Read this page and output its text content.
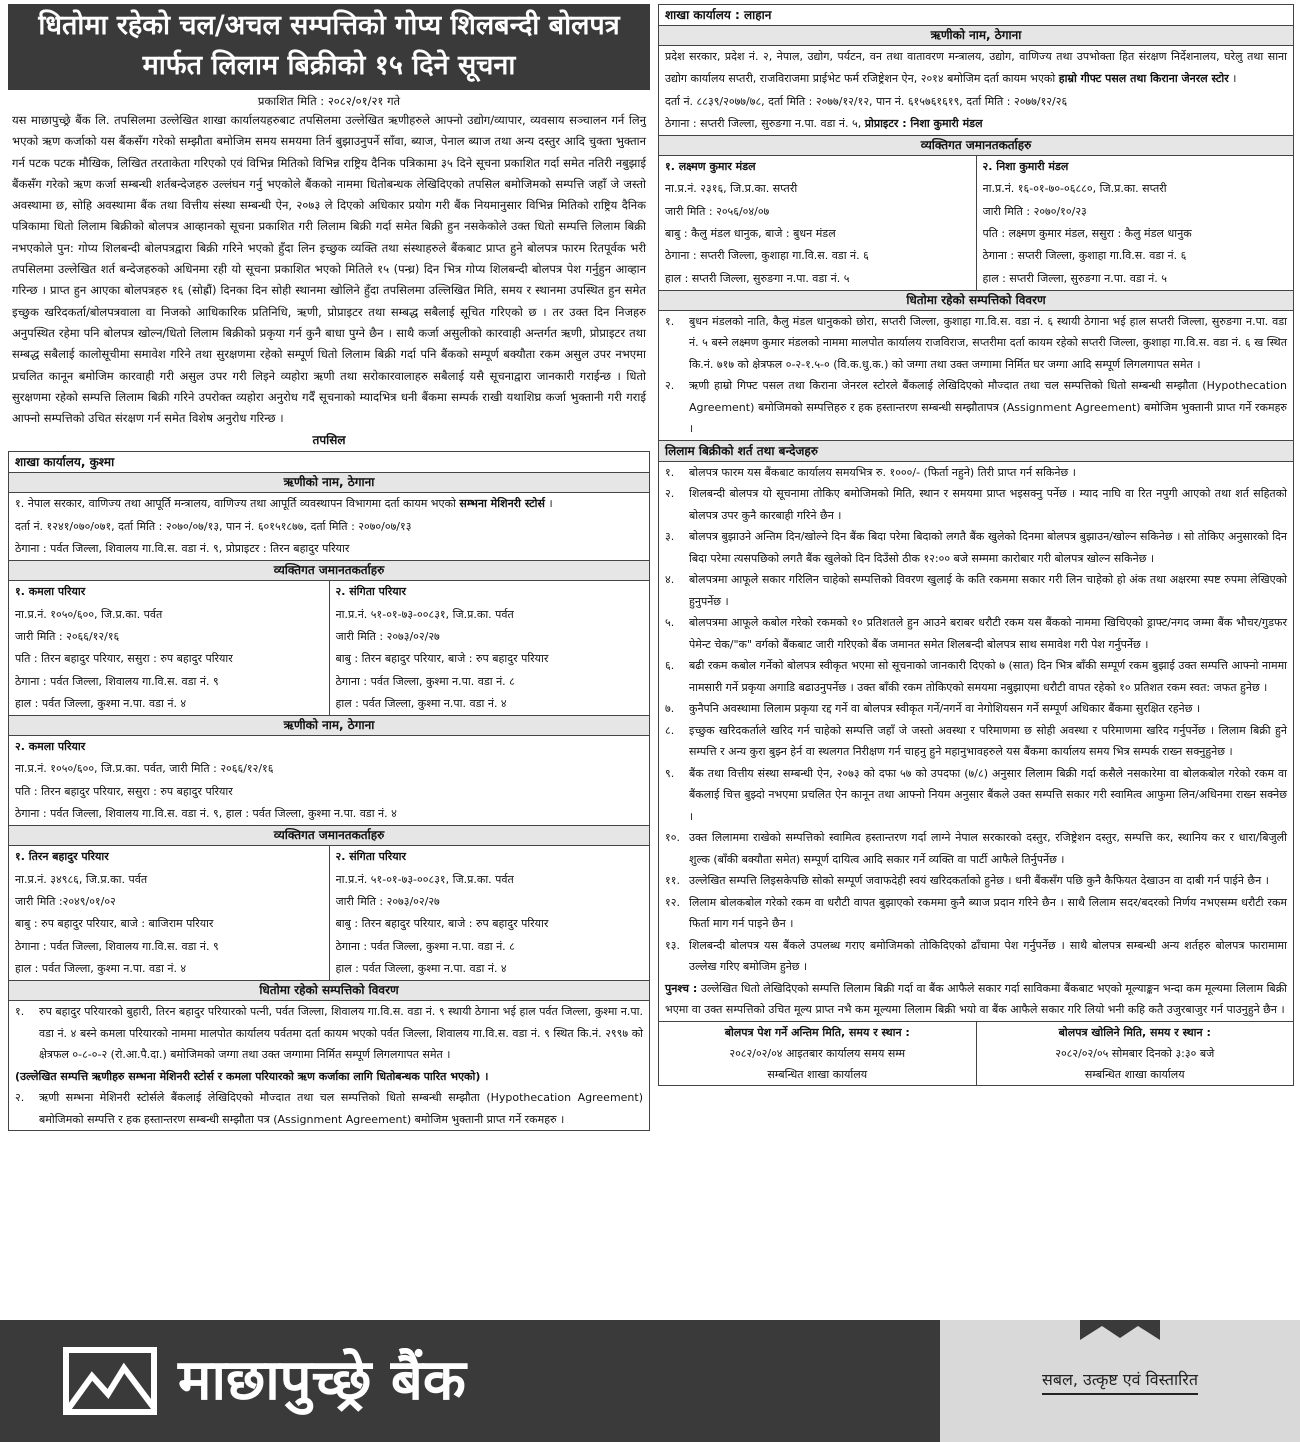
धितोमा रहेको चल/अचल सम्पत्तिको गोप्य शिलबन्दी बोलपत्र मार्फत लिलाम बिक्रीको १५ दिने सूचना
प्रकाशित मिति : २०८२/०१/२१ गते
यस माछापुच्छ्रे बैंक लि. तपसिलमा उल्लेखित शाखा कार्यालयहरुबाट तपसिलमा उल्लेखित ऋणीहरुले आफ्नो उद्योग/व्यापार, व्यवसाय सञ्चालन गर्न लिनु भएको ऋण कर्जाको यस बैंकसँग गरेको सम्झौता बमोजिम समय समयमा तिर्न बुझाउनुपर्ने साँवा, ब्याज, पेनाल ब्याज तथा अन्य दस्तुर आदि चुक्ता भुक्तान गर्न पटक पटक मौखिक, लिखित तरताकेता गरिएको एवं विभिन्न मितिको विभिन्न राष्ट्रिय दैनिक पत्रिकामा ३५ दिने सूचना प्रकाशित गर्दा समेत नतिरी नबुझाई बैंकसँग गरेको ऋण कर्जा सम्बन्धी शर्तबन्देजहरु उल्लंघन गर्नु भएकोले बैंकको नाममा धितोबन्धक लेखिदिएको तपसिल बमोजिमको सम्पत्ति जहाँ जे जस्तो अवस्थामा छ, सोहि अवस्थामा बैंक तथा वित्तीय संस्था सम्बन्धी ऐन, २०७३ ले दिएको अधिकार प्रयोग गरी बैंक नियमानुसार विभिन्न मितिको राष्ट्रिय दैनिक पत्रिकामा धितो लिलाम बिक्रीको बोलपत्र आव्हानको सूचना प्रकाशित गरी लिलाम बिक्री गर्दा समेत बिक्री हुन नसकेकोले उक्त धितो सम्पत्ति लिलाम बिक्री नभएकोले पुन: गोप्य शिलबन्दी बोलपत्रद्वारा बिक्री गरिने भएको हुँदा लिन इच्छुक व्यक्ति तथा संस्थाहरुले बैंकबाट प्राप्त हुने बोलपत्र फारम रितपूर्वक भरी तपसिलमा उल्लेखित शर्त बन्देजहरुको अधिनमा रही यो सूचना प्रकाशित भएको मितिले १५ (पन्ध्र) दिन भित्र गोप्य शिलबन्दी बोलपत्र पेश गर्नुहुन आव्हान गरिन्छ । प्राप्त हुन आएका बोलपत्रहरु १६ (सोह्रौं) दिनका दिन सोही स्थानमा खोलिने हुँदा तपसिलमा उल्लिखित मिति, समय र स्थानमा उपस्थित हुन समेत इच्छुक खरिदकर्ता/बोलपत्रवाला वा निजको आधिकारिक प्रतिनिधि, ऋणी, प्रोप्राइटर तथा सम्बद्ध सबैलाई सूचित गरिएको छ । तर उक्त दिन निजहरु अनुपस्थित रहेमा पनि बोलपत्र खोल्न/धितो लिलाम बिक्रीको प्रकृया गर्न कुनै बाधा पुग्ने छैन । साथै कर्जा असुलीको कारवाही अन्तर्गत ऋणी, प्रोप्राइटर तथा सम्बद्ध सबैलाई कालोसूचीमा समावेश गरिने तथा सुरक्षणमा रहेको सम्पूर्ण धितो लिलाम बिक्री गर्दा पनि बैंकको सम्पूर्ण बक्यौता रकम असुल उपर नभएमा प्रचलित कानून बमोजिम कारवाही गरी असुल उपर गरी लिइने व्यहोरा ऋणी तथा सरोकारवालाहरु सबैलाई यसै सूचनाद्वारा जानकारी गराईन्छ । धितो सुरक्षणमा रहेको सम्पत्ति लिलाम बिक्री गरिने उपरोक्त व्यहोरा अनुरोध गर्दैं सूचनाको म्यादभित्र धनी बैंकमा सम्पर्क राखी यथाशिघ्र कर्जा भुक्तानी गरी गराई आफ्नो सम्पत्तिको उचित संरक्षण गर्न समेत विशेष अनुरोध गरिन्छ ।
तपसिल
शाखा कार्यालय, कुश्मा
ऋणीको नाम, ठेगाना
१. नेपाल सरकार, वाणिज्य तथा आपूर्ति मन्त्रालय, वाणिज्य तथा आपूर्ति व्यवस्थापन विभागमा दर्ता कायम भएको सम्भना मेशिनरी स्टोर्स ।
दर्ता नं. १२४१/०७०/०७१, दर्ता मिति : २०७०/०७/१३, पान नं. ६०१५१८७७, दर्ता मिति : २०७०/०७/१३
ठेगाना : पर्वत जिल्ला, शिवालय गा.वि.स. वडा नं. ९, प्रोप्राइटर : तिरन बहादुर परियार
व्यक्तिगत जमानतकर्ताहरु
१. कमला परियार
ना.प्र.नं. १०५०/६००, जि.प्र.का. पर्वत
जारी मिति : २०६६/१२/१६
पति : तिरन बहादुर परियार, ससुरा : रुप बहादुर परियार
ठेगाना : पर्वत जिल्ला, शिवालय गा.वि.स. वडा नं. ९
हाल : पर्वत जिल्ला, कुश्मा न.पा. वडा नं. ४
२. संगिता परियार
ना.प्र.नं. ५१-०१-७३-००८३१, जि.प्र.का. पर्वत
जारी मिति : २०७३/०२/२७
बाबु : तिरन बहादुर परियार, बाजे : रुप बहादुर परियार
ठेगाना : पर्वत जिल्ला, कुश्मा न.पा. वडा नं. ८
हाल : पर्वत जिल्ला, कुश्मा न.पा. वडा नं. ४
ऋणीको नाम, ठेगाना
२. कमला परियार
ना.प्र.नं. १०५०/६००, जि.प्र.का. पर्वत, जारी मिति : २०६६/१२/१६
पति : तिरन बहादुर परियार, ससुरा : रुप बहादुर परियार
ठेगाना : पर्वत जिल्ला, शिवालय गा.वि.स. वडा नं. ९, हाल : पर्वत जिल्ला, कुश्मा न.पा. वडा नं. ४
व्यक्तिगत जमानतकर्ताहरु
१. तिरन बहादुर परियार
ना.प्र.नं. ३४९८६, जि.प्र.का. पर्वत
जारी मिति :२०४९/०१/०२
बाबु : रुप बहादुर परियार, बाजे : बाजिराम परियार
ठेगाना : पर्वत जिल्ला, शिवालय गा.वि.स. वडा नं. ९
हाल : पर्वत जिल्ला, कुश्मा न.पा. वडा नं. ४
२. संगिता परियार
ना.प्र.नं. ५१-०१-७३-००८३१, जि.प्र.का. पर्वत
जारी मिति : २०७३/०२/२७
बाबु : तिरन बहादुर परियार, बाजे : रुप बहादुर परियार
ठेगाना : पर्वत जिल्ला, कुश्मा न.पा. वडा नं. ८
हाल : पर्वत जिल्ला, कुश्मा न.पा. वडा नं. ४
धितोमा रहेको सम्पत्तिको विवरण
१.	रुप बहादुर परियारको बुहारी, तिरन बहादुर परियारको पत्नी, पर्वत जिल्ला, शिवालय गा.वि.स. वडा नं. ९ स्थायी ठेगाना भई हाल पर्वत जिल्ला, कुश्मा न.पा. वडा नं. ४ बस्ने कमला परियारको नाममा मालपोत कार्यालय पर्वतमा दर्ता कायम भएको पर्वत जिल्ला, शिवालय गा.वि.स. वडा नं. ९ स्थित कि.नं. २९९७ को क्षेत्रफल ०-८-०-२ (रो.आ.पै.दा.) बमोजिमको जग्गा तथा उक्त जग्गामा निर्मित सम्पूर्ण लिगलगापत समेत ।
(उल्लेखित सम्पत्ति ऋणीहरु सम्भना मेशिनरी स्टोर्स र कमला परियारको ऋण कर्जाका लागि धितोबन्धक पारित भएको) ।
२.	ऋणी सम्भना मेशिनरी स्टोर्सले बैंकलाई लेखिदिएको मौज्दात तथा चल सम्पत्तिको धितो सम्बन्धी सम्झौता (Hypothecation Agreement) बमोजिमको सम्पत्ति र हक हस्तान्तरण सम्बन्धी सम्झौता पत्र (Assignment Agreement) बमोजिम भुक्तानी प्राप्त गर्ने रकमहरु ।
शाखा कार्यालय : लाहान
ऋणीको नाम, ठेगाना
प्रदेश सरकार, प्रदेश नं. २, नेपाल, उद्योग, पर्यटन, वन तथा वातावरण मन्त्रालय, उद्योग, वाणिज्य तथा उपभोक्ता हित संरक्षण निर्देशनालय, घरेलु तथा साना उद्योग कार्यालय सप्तरी, राजविराजमा प्राईभेट फर्म रजिष्ट्रेशन ऐन, २०१४ बमोजिम दर्ता कायम भएको हाम्रो गीफ्ट पसल तथा किराना जेनरल स्टोर ।
दर्ता नं. ८८३९/२०७७/७८, दर्ता मिति : २०७७/१२/१२, पान नं. ६१५७६१६१९, दर्ता मिति : २०७७/१२/२६
ठेगाना : सप्तरी जिल्ला, सुरुङगा न.पा. वडा नं. ५, प्रोप्राइटर : निशा कुमारी मंडल
व्यक्तिगत जमानतकर्ताहरु
१. लक्ष्मण कुमार मंडल
ना.प्र.नं. २३१६, जि.प्र.का. सप्तरी
जारी मिति : २०५६/०४/०७
बाबु : कैलु मंडल धानुक, बाजे : बुधन मंडल
ठेगाना : सप्तरी जिल्ला, कुशाहा गा.वि.स. वडा नं. ६
हाल : सप्तरी जिल्ला, सुरुङगा न.पा. वडा नं. ५
२. निशा कुमारी मंडल
ना.प्र.नं. १६-०१-७०-०६८८०, जि.प्र.का. सप्तरी
जारी मिति : २०७०/१०/२३
पति : लक्ष्मण कुमार मंडल, ससुरा : कैलु मंडल धानुक
ठेगाना : सप्तरी जिल्ला, कुशाहा गा.वि.स. वडा नं. ६
हाल : सप्तरी जिल्ला, सुरुङगा न.पा. वडा नं. ५
धितोमा रहेको सम्पत्तिको विवरण
१.	बुधन मंडलको नाति, कैलु मंडल धानुकको छोरा, सप्तरी जिल्ला, कुशाहा गा.वि.स. वडा नं. ६ स्थायी ठेगाना भई हाल सप्तरी जिल्ला, सुरुङगा न.पा. वडा नं. ५ बस्ने लक्ष्मण कुमार मंडलको नाममा मालपोत कार्यालय राजविराज, सप्तरीमा दर्ता कायम रहेको सप्तरी जिल्ला, कुशाहा गा.वि.स. वडा नं. ६ ख स्थित कि.नं. ७१७ को क्षेत्रफल ०-२-१.५-० (वि.क.धु.क.) को जग्गा तथा उक्त जग्गामा निर्मित घर जग्गा आदि सम्पूर्ण लिगलगापत समेत ।
२.	ऋणी हाम्रो गिफ्ट पसल तथा किराना जेनरल स्टोरले बैंकलाई लेखिदिएको मौज्दात तथा चल सम्पत्तिको धितो सम्बन्धी सम्झौता (Hypothecation Agreement) बमोजिमको सम्पत्तिहरु र हक हस्तान्तरण सम्बन्धी सम्झौतापत्र (Assignment Agreement) बमोजिम भुक्तानी प्राप्त गर्ने रकमहरु ।
लिलाम बिक्रीको शर्त तथा बन्देजहरु
१.	बोलपत्र फारम यस बैंकबाट कार्यालय समयभित्र रु. १०००/- (फिर्ता नहुने) तिरी प्राप्त गर्न सकिनेछ ।
२.	शिलबन्दी बोलपत्र यो सूचनामा तोकिए बमोजिमको मिति, स्थान र समयमा प्राप्त भइसक्नु पर्नेछ । म्याद नाघि वा रित नपुगी आएको तथा शर्त सहितको बोलपत्र उपर कुनै कारबाही गरिने छैन ।
३.	बोलपत्र बुझाउने अन्तिम दिन/खोल्ने दिन बैंक बिदा परेमा बिदाको लगतै बैंक खुलेको दिनमा बोलपत्र बुझाउन/खोल्न सकिनेछ । सो तोकिए अनुसारको दिन बिदा परेमा त्यसपछिको लगतै बैंक खुलेको दिन दिउँसो ठीक १२:०० बजे सम्ममा कारोबार गरी बोलपत्र खोल्न सकिनेछ ।
४.	बोलपत्रमा आफूले सकार गरिलिन चाहेको सम्पत्तिको विवरण खुलाई के कति रकममा सकार गरी लिन चाहेको हो अंक तथा अक्षरमा स्पष्ट रुपमा लेखिएको हुनुपर्नेछ ।
५.	बोलपत्रमा आफूले कबोल गरेको रकमको १० प्रतिशतले हुन आउने बराबर धरौटी रकम यस बैंकको नाममा खिचिएको ड्राफ्ट/नगद जम्मा बैंक भौचर/गुडफर पेमेन्ट चेक/"क" वर्गको बैंकबाट जारी गरिएको बैंक जमानत समेत शिलबन्दी बोलपत्र साथ समावेश गरी पेश गर्नुपर्नेछ ।
६.	बढी रकम कबोल गर्नेको बोलपत्र स्वीकृत भएमा सो सूचनाको जानकारी दिएको ७ (सात) दिन भित्र बाँकी सम्पूर्ण रकम बुझाई उक्त सम्पत्ति आफ्नो नाममा नामसारी गर्ने प्रकृया अगाडि बढाउनुपर्नेछ । उक्त बाँकी रकम तोकिएको समयमा नबुझाएमा धरौटी वापत रहेको १० प्रतिशत रकम स्वत: जफत हुनेछ ।
७.	कुनैपनि अवस्थामा लिलाम प्रकृया रद्द गर्ने वा बोलपत्र स्वीकृत गर्ने/नगर्ने वा नेगोशियसन गर्ने सम्पूर्ण अधिकार बैंकमा सुरक्षित रहनेछ ।
८.	इच्छुक खरिदकर्ताले खरिद गर्न चाहेको सम्पत्ति जहाँ जे जस्तो अवस्था र परिमाणमा छ सोही अवस्था र परिमाणमा खरिद गर्नुपर्नेछ । लिलाम बिक्री हुने सम्पत्ति र अन्य कुरा बुझ्न हेर्न वा स्थलगत निरीक्षण गर्न चाहनु हुने महानुभावहरुले यस बैंकमा कार्यालय समय भित्र सम्पर्क राख्न सक्नुहुनेछ ।
९.	बैंक तथा वित्तीय संस्था सम्बन्धी ऐन, २०७३ को दफा ५७ को उपदफा (७/८) अनुसार लिलाम बिक्री गर्दा कसैले नसकारेमा वा बोलकबोल गरेको रकम वा बैंकलाई चित्त बुझ्दो नभएमा प्रचलित ऐन कानून तथा आफ्नो नियम अनुसार बैंकले उक्त सम्पत्ति सकार गरी स्वामित्व आफुमा लिन/अधिनमा राख्न सक्नेछ ।
१०. उक्त लिलाममा राखेको सम्पत्तिको स्वामित्व हस्तान्तरण गर्दा लाग्ने नेपाल सरकारको दस्तुर, रजिष्ट्रेशन दस्तुर, सम्पत्ति कर, स्थानिय कर र धारा/बिजुली शुल्क (बाँकी बक्यौता समेत) सम्पूर्ण दायित्व आदि सकार गर्ने व्यक्ति वा पार्टी आफैले तिर्नुपर्नेछ ।
११. उल्लेखित सम्पत्ति लिइसकेपछि सोको सम्पूर्ण जवाफदेही स्वयं खरिदकर्ताको हुनेछ । धनी बैंकसँग पछि कुनै कैफियत देखाउन वा दाबी गर्न पाईने छैन ।
१२. लिलाम बोलकबोल गरेको रकम वा धरौटी वापत बुझाएको रकममा कुनै ब्याज प्रदान गरिने छैन । साथै लिलाम सदर/बदरको निर्णय नभएसम्म धरौटी रकम फिर्ता माग गर्न पाइने छैन ।
१३. शिलबन्दी बोलपत्र यस बैंकले उपलब्ध गराए बमोजिमको तोकिदिएको ढाँचामा पेश गर्नुपर्नेछ । साथै बोलपत्र सम्बन्धी अन्य शर्तहरु बोलपत्र फारामामा उल्लेख गरिए बमोजिम हुनेछ ।
पुनश्च : उल्लेखित धितो लेखिदिएको सम्पत्ति लिलाम बिक्री गर्दा वा बैंक आफैले सकार गर्दा साविकमा बैंकबाट भएको मूल्याङ्कन भन्दा कम मूल्यमा लिलाम बिक्री भएमा वा उक्त सम्पत्तिको उचित मूल्य प्राप्त नभै कम मूल्यमा लिलाम बिक्री भयो वा बैंक आफैले सकार गरि लियो भनी कहि कतै उजुरबाजुर गर्न पाउनुहुने छैन ।
बोलपत्र पेश गर्ने अन्तिम मिति, समय र स्थान :
२०८२/०२/०४ आइतबार कार्यालय समय सम्म
सम्बन्धित शाखा कार्यालय
बोलपत्र खोलिने मिति, समय र स्थान :
२०८२/०२/०५ सोमबार दिनको ३:३० बजे
सम्बन्धित शाखा कार्यालय
माछापुच्छ्रे बैंक	सबल, उत्कृष्ट एवं विस्तारित
